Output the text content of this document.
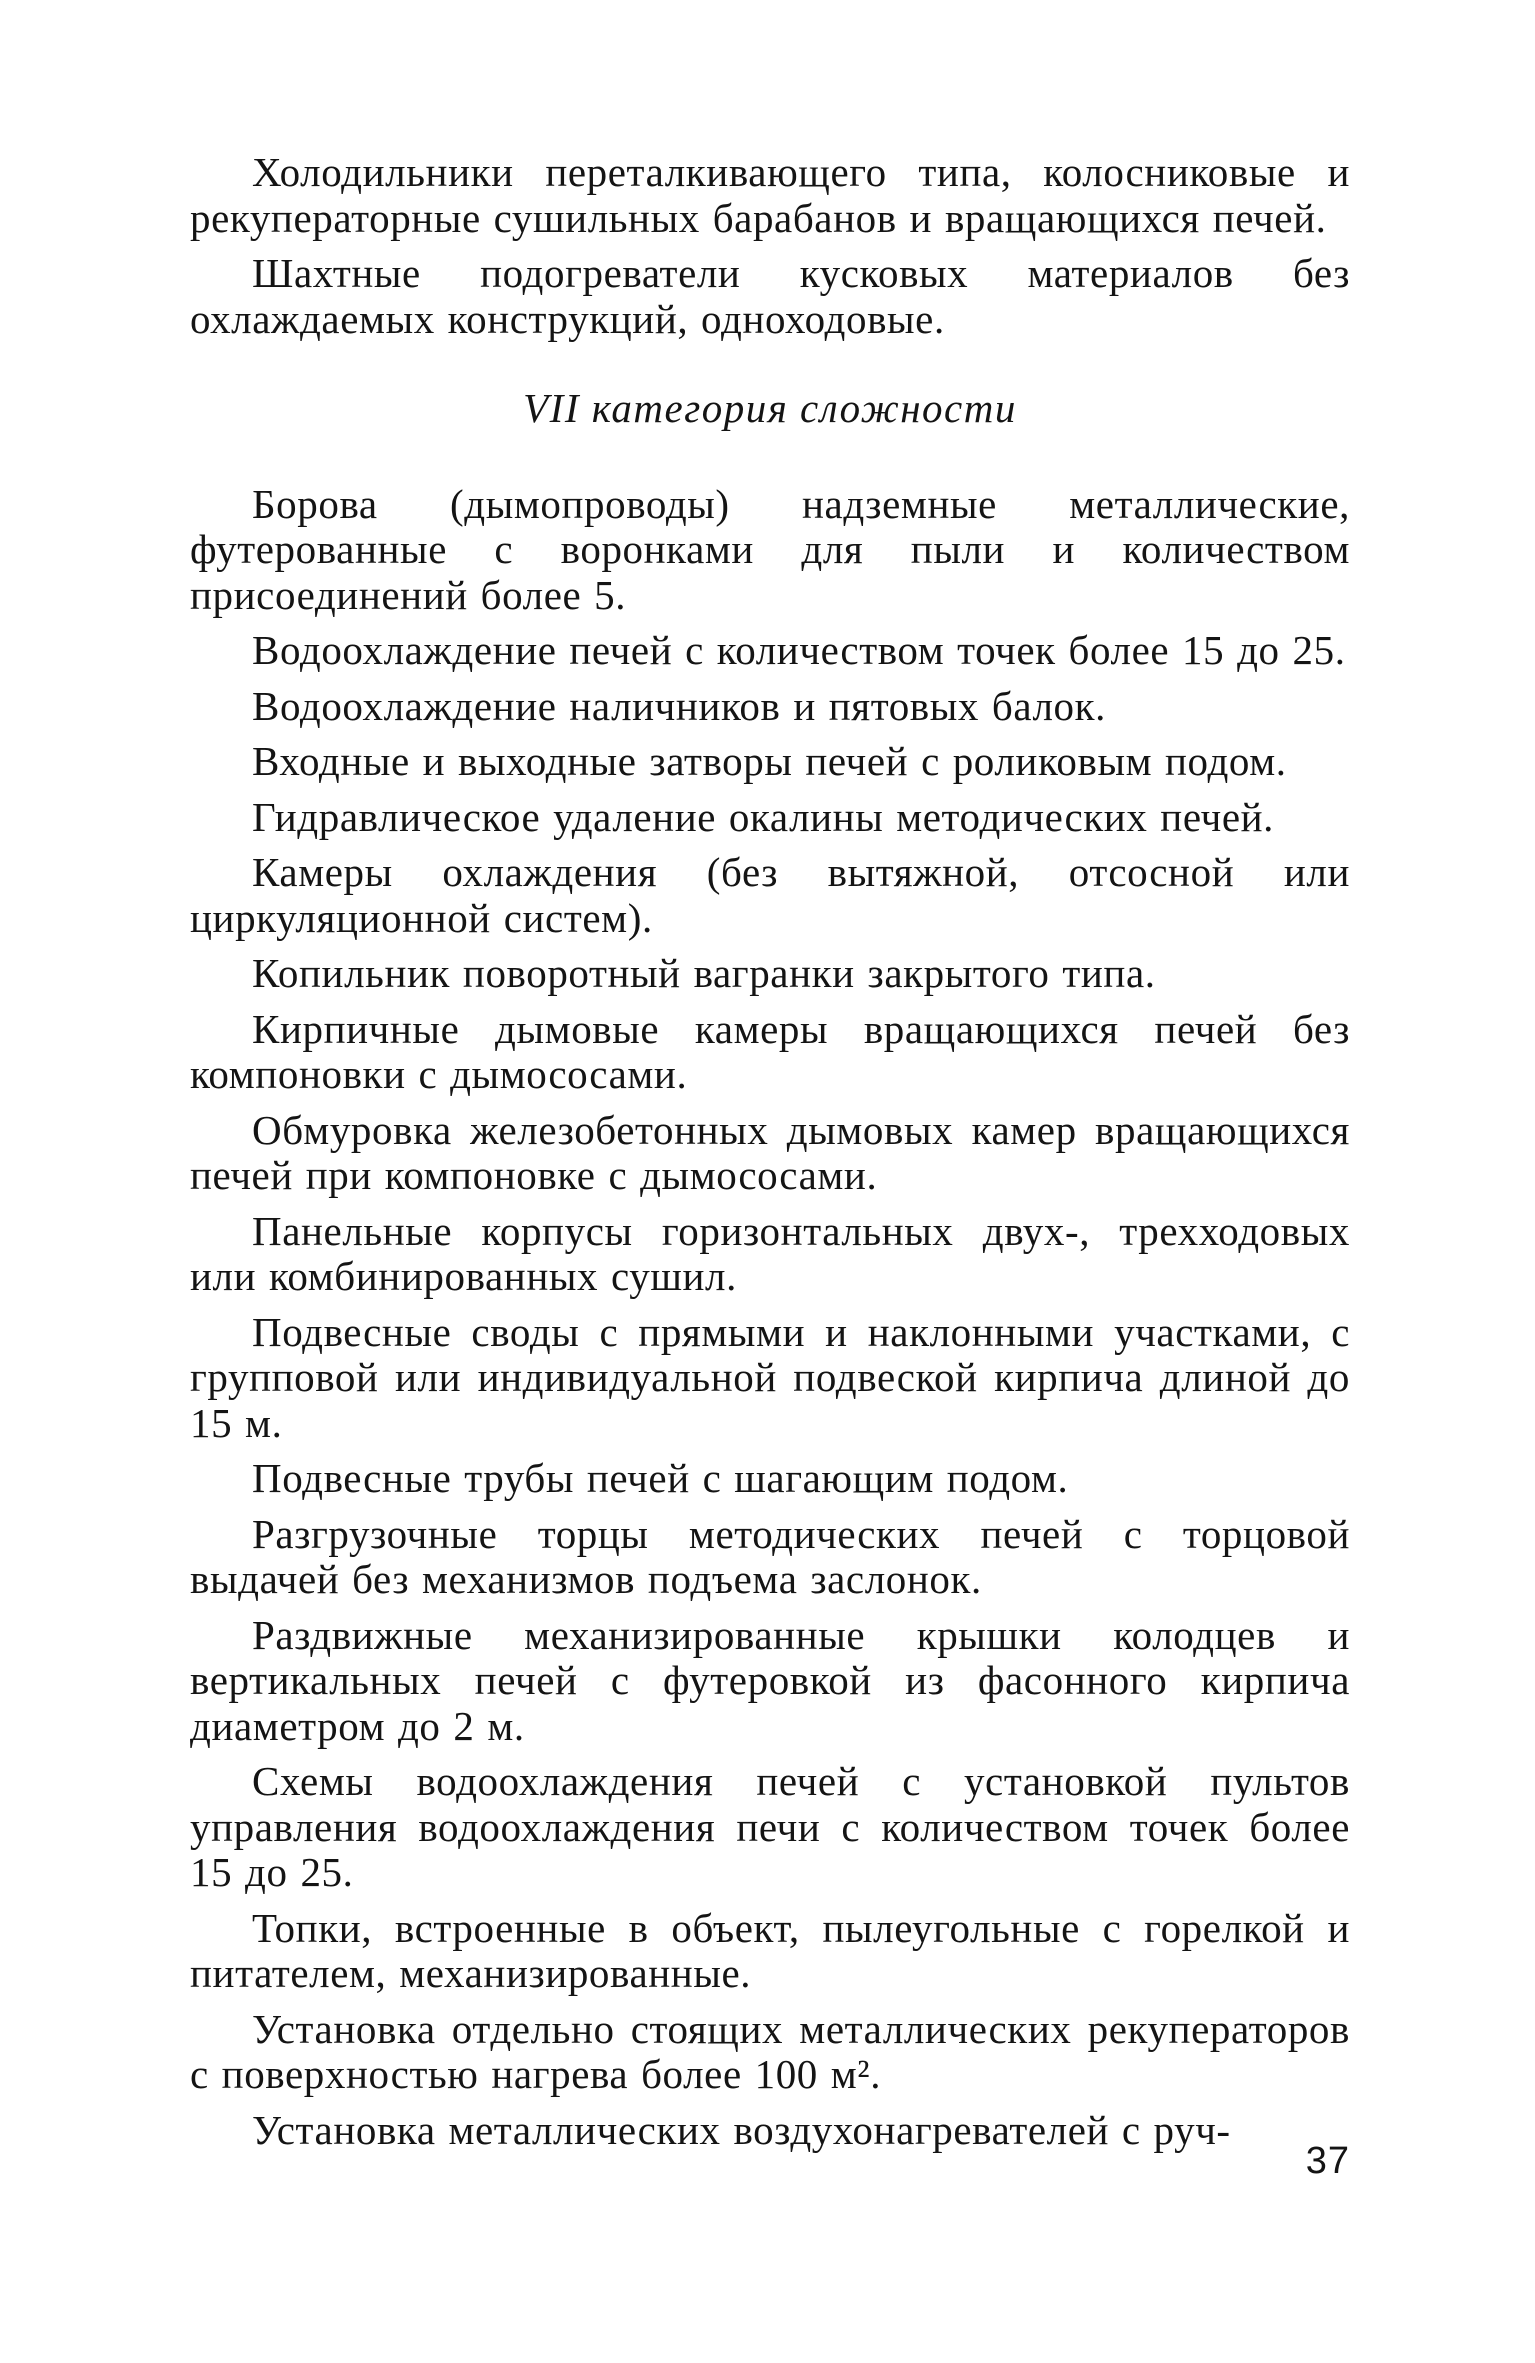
Холодильники переталкивающего типа, колосниковые и рекуператорные сушильных барабанов и вращающихся печей.

Шахтные подогреватели кусковых материалов без охлаждаемых конструкций, одноходовые.

VII категория сложности

Борова (дымопроводы) надземные металлические, футерованные с воронками для пыли и количеством присоединений более 5.

Водоохлаждение печей с количеством точек более 15 до 25.

Водоохлаждение наличников и пятовых балок.

Входные и выходные затворы печей с роликовым подом.

Гидравлическое удаление окалины методических печей.

Камеры охлаждения (без вытяжной, отсосной или циркуляционной систем).

Копильник поворотный вагранки закрытого типа.

Кирпичные дымовые камеры вращающихся печей без компоновки с дымососами.

Обмуровка железобетонных дымовых камер вращающихся печей при компоновке с дымососами.

Панельные корпусы горизонтальных двух-, трехходовых или комбинированных сушил.

Подвесные своды с прямыми и наклонными участками, с групповой или индивидуальной подвеской кирпича длиной до 15 м.

Подвесные трубы печей с шагающим подом.

Разгрузочные торцы методических печей с торцовой выдачей без механизмов подъема заслонок.

Раздвижные механизированные крышки колодцев и вертикальных печей с футеровкой из фасонного кирпича диаметром до 2 м.

Схемы водоохлаждения печей с установкой пультов управления водоохлаждения печи с количеством точек более 15 до 25.

Топки, встроенные в объект, пылеугольные с горелкой и питателем, механизированные.

Установка отдельно стоящих металлических рекуператоров с поверхностью нагрева более 100 м².

Установка металлических воздухонагревателей с руч-

37
